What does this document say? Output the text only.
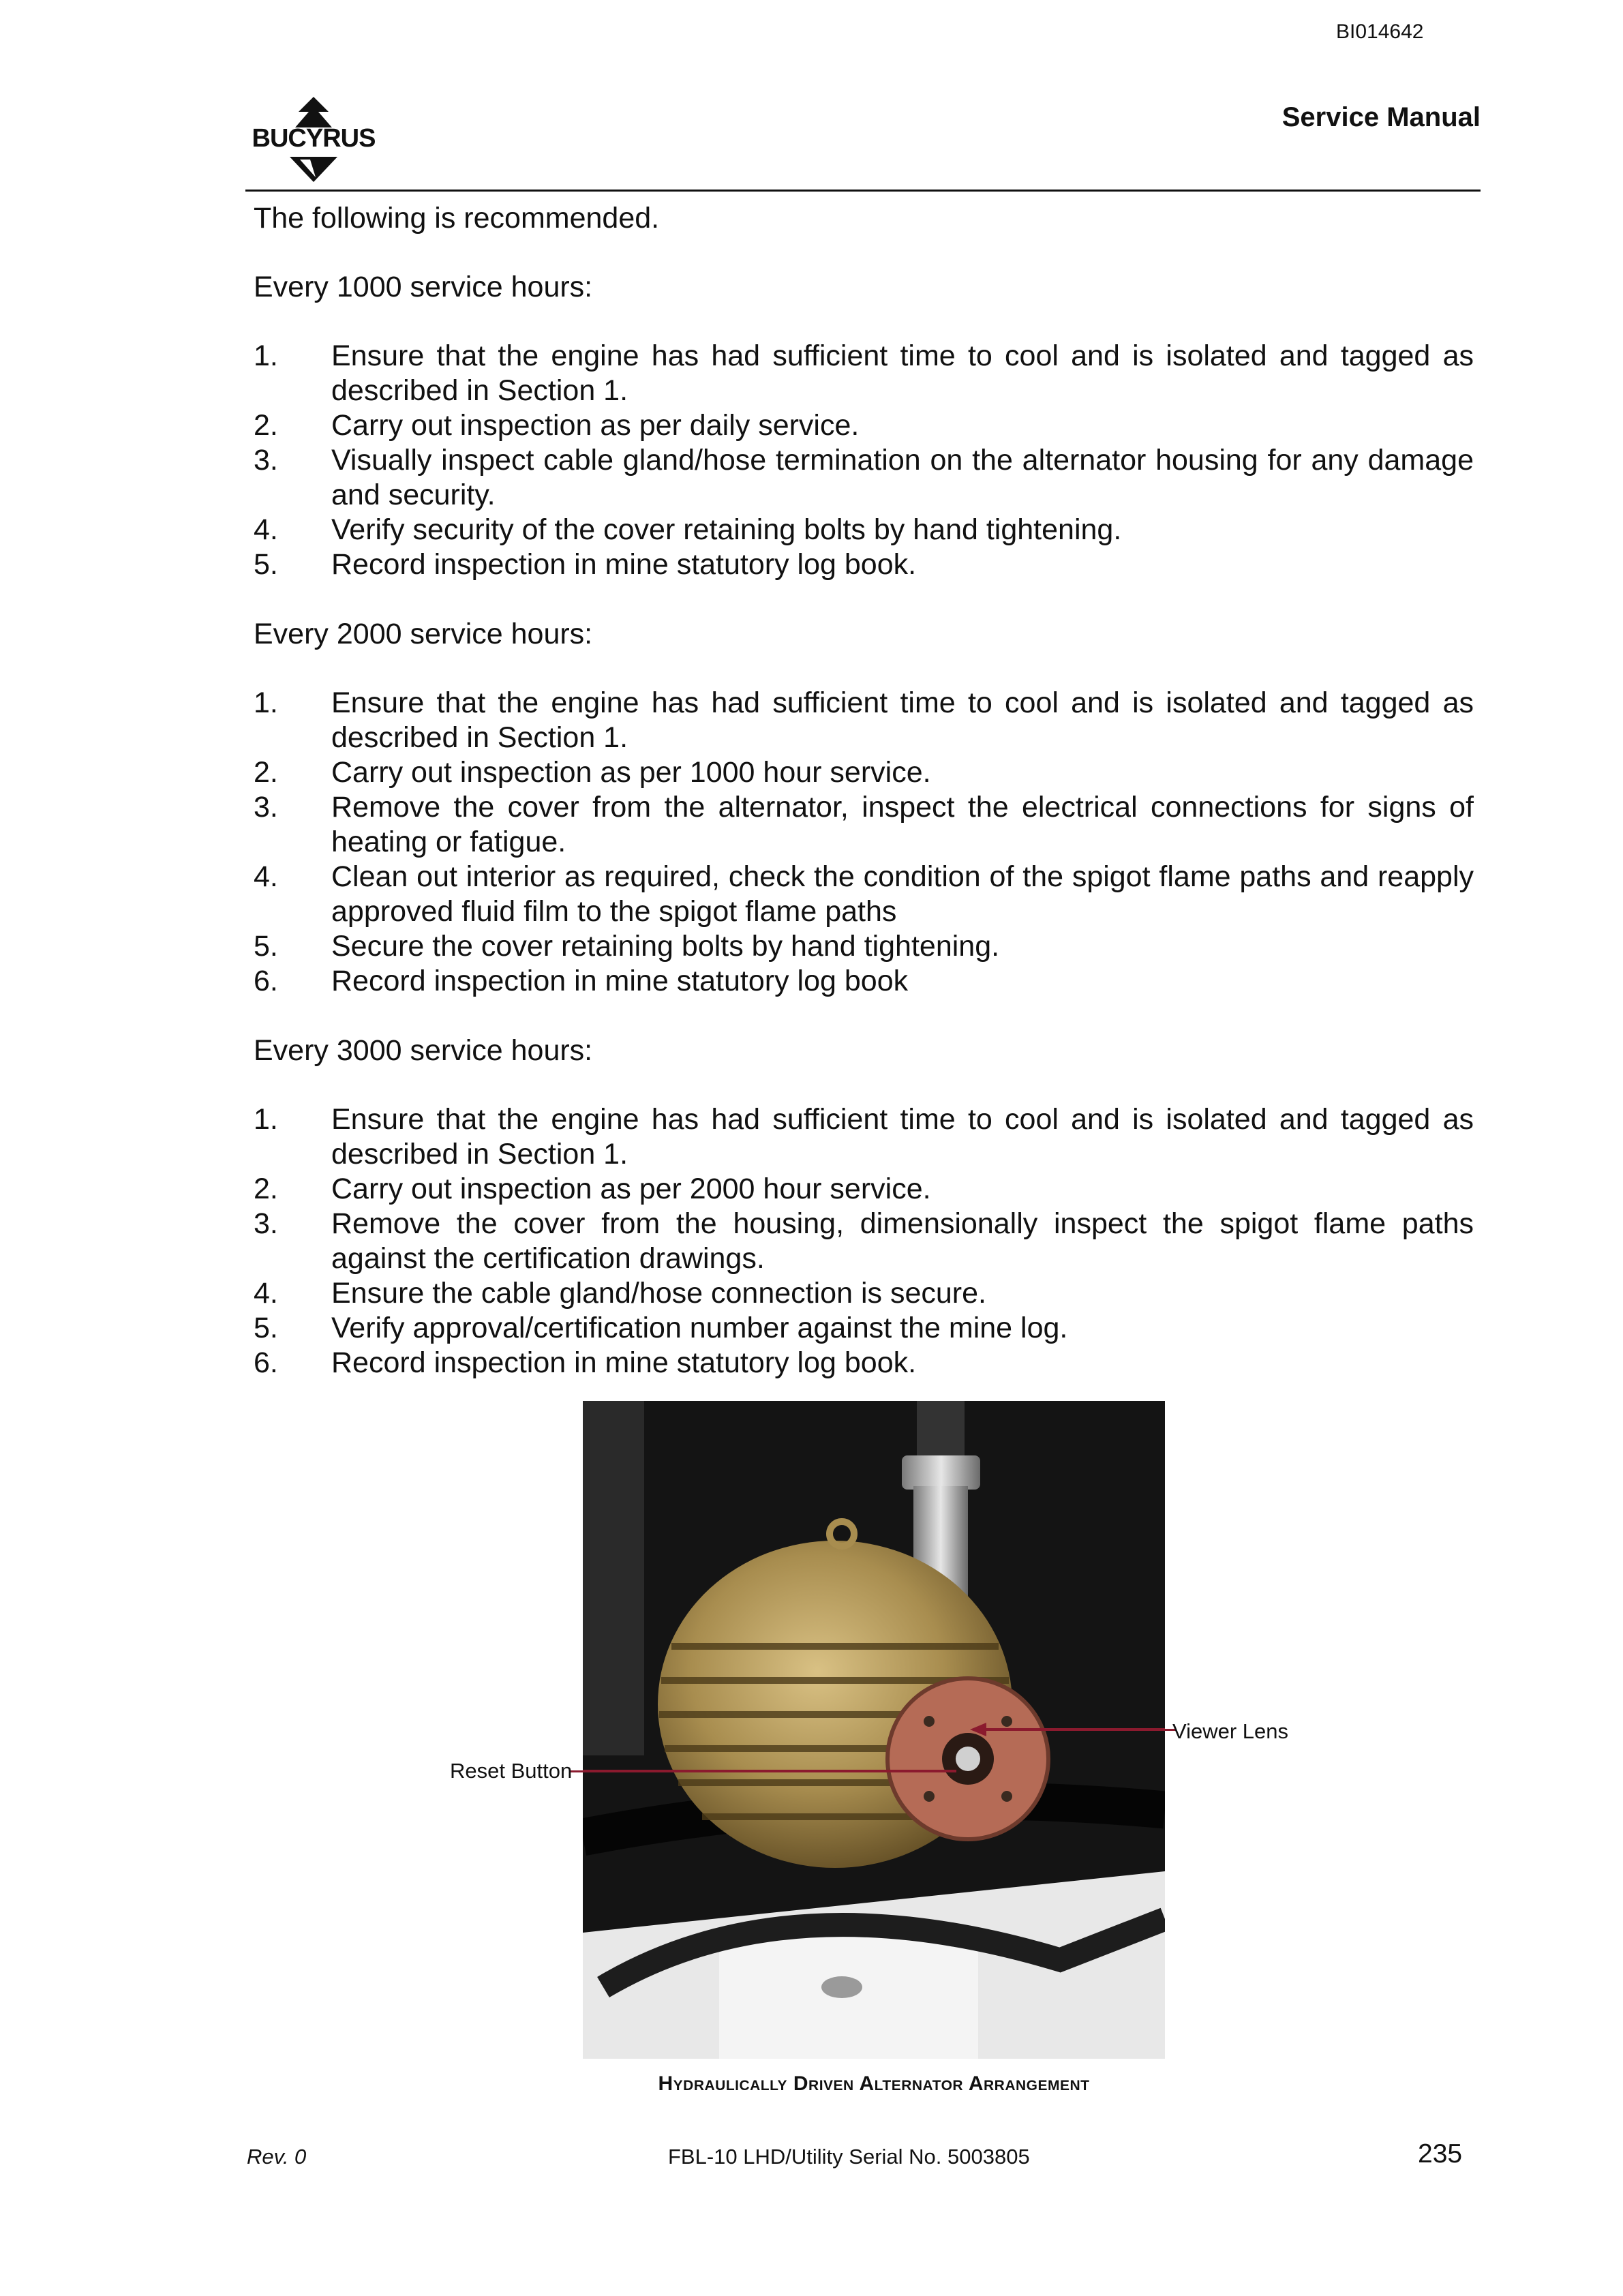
BI014642
BUCYRUS
Service Manual

The following is recommended.

Every 1000 service hours:

1. Ensure that the engine has had sufficient time to cool and is isolated and tagged as described in Section 1.
2. Carry out inspection as per daily service.
3. Visually inspect cable gland/hose termination on the alternator housing for any damage and security.
4. Verify security of the cover retaining bolts by hand tightening.
5. Record inspection in mine statutory log book.

Every 2000 service hours:

1. Ensure that the engine has had sufficient time to cool and is isolated and tagged as described in Section 1.
2. Carry out inspection as per 1000 hour service.
3. Remove the cover from the alternator, inspect the electrical connections for signs of heating or fatigue.
4. Clean out interior as required, check the condition of the spigot flame paths and reapply approved fluid film to the spigot flame paths
5. Secure the cover retaining bolts by hand tightening.
6. Record inspection in mine statutory log book

Every 3000 service hours:

1. Ensure that the engine has had sufficient time to cool and is isolated and tagged as described in Section 1.
2. Carry out inspection as per 2000 hour service.
3. Remove the cover from the housing, dimensionally inspect the spigot flame paths against the certification drawings.
4. Ensure the cable gland/hose connection is secure.
5. Verify approval/certification number against the mine log.
6. Record inspection in mine statutory log book.
Reset Button
Viewer Lens
Hydraulically Driven Alternator Arrangement
Rev. 0	FBL-10 LHD/Utility Serial No. 5003805	235
